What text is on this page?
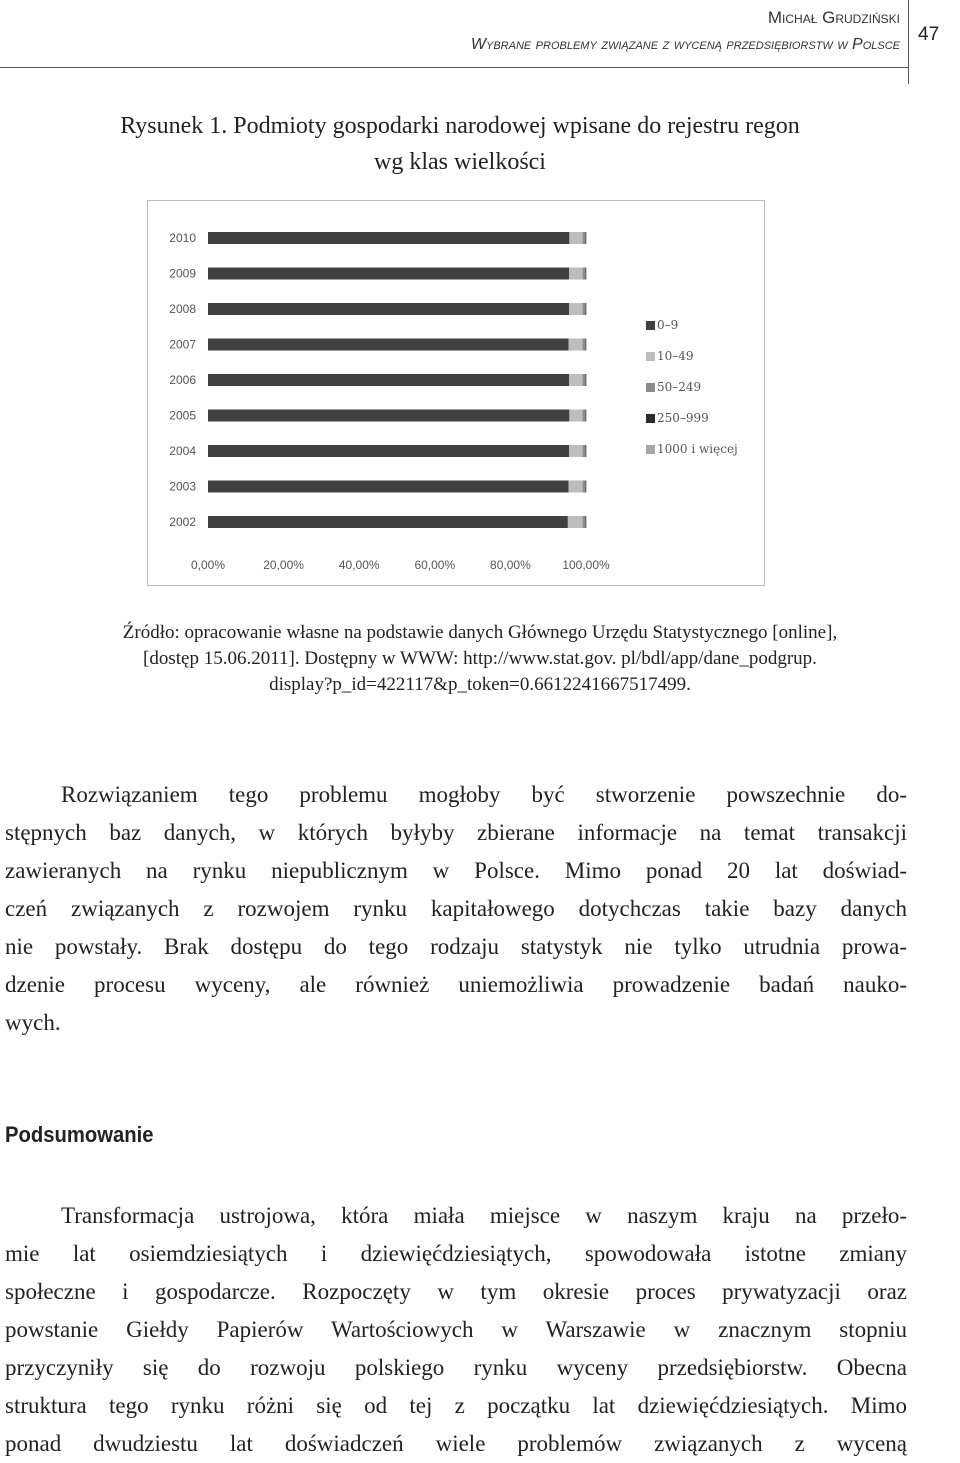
Michał Grudziński
Wybrane problemy związane z wyceną przedsiębiorstw w Polsce 47
Rysunek 1. Podmioty gospodarki narodowej wpisane do rejestru regon
wg klas wielkości
2010
2009
2008
2007
2006
2005
2004
2003
2002
0,00%	20,00%	40,00%	60,00%	80,00%	100,00%
0–9
10–49
50–249
250–999
1000 i więcej
Źródło: opracowanie własne na podstawie danych Głównego Urzędu Statystycznego [online],
[dostęp 15.06.2011]. Dostępny w WWW: http://www.stat.gov. pl/bdl/app/dane_podgrup.
display?p_id=422117&p_token=0.6612241667517499.
Rozwiązaniem tego problemu mogłoby być stworzenie powszechnie do-
stępnych baz danych, w których byłyby zbierane informacje na temat transakcji
zawieranych na rynku niepublicznym w Polsce. Mimo ponad 20 lat doświad-
czeń związanych z rozwojem rynku kapitałowego dotychczas takie bazy danych
nie powstały. Brak dostępu do tego rodzaju statystyk nie tylko utrudnia prowa-
dzenie procesu wyceny, ale również uniemożliwia prowadzenie badań nauko-
wych.
Podsumowanie
Transformacja ustrojowa, która miała miejsce w naszym kraju na przeło-
mie lat osiemdziesiątych i dziewięćdziesiątych, spowodowała istotne zmiany
społeczne i gospodarcze. Rozpoczęty w tym okresie proces prywatyzacji oraz
powstanie Giełdy Papierów Wartościowych w Warszawie w znacznym stopniu
przyczyniły się do rozwoju polskiego rynku wyceny przedsiębiorstw. Obecna
struktura tego rynku różni się od tej z początku lat dziewięćdziesiątych. Mimo
ponad dwudziestu lat doświadczeń wiele problemów związanych z wyceną
